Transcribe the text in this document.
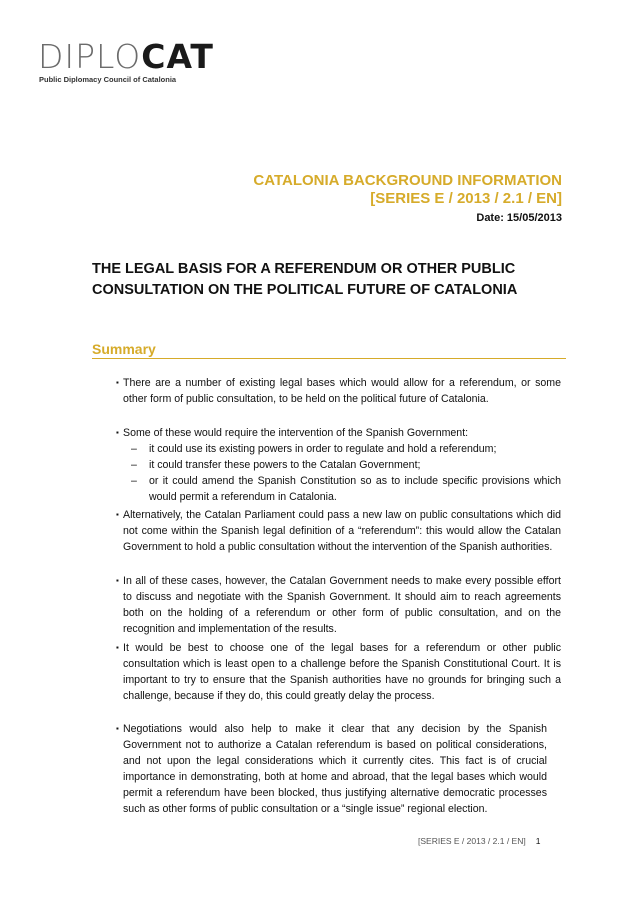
DIPLOCAT
Public Diplomacy Council of Catalonia
CATALONIA BACKGROUND INFORMATION
[SERIES E / 2013 / 2.1 / EN]
Date: 15/05/2013
THE LEGAL BASIS FOR A REFERENDUM OR OTHER PUBLIC CONSULTATION ON THE POLITICAL FUTURE OF CATALONIA
Summary
▪ There are a number of existing legal bases which would allow for a referendum, or some other form of public consultation, to be held on the political future of Catalonia.
▪ Some of these would require the intervention of the Spanish Government:
– it could use its existing powers in order to regulate and hold a referendum;
– it could transfer these powers to the Catalan Government;
– or it could amend the Spanish Constitution so as to include specific provisions which would permit a referendum in Catalonia.
▪ Alternatively, the Catalan Parliament could pass a new law on public consultations which did not come within the Spanish legal definition of a “referendum”: this would allow the Catalan Government to hold a public consultation without the intervention of the Spanish authorities.
▪ In all of these cases, however, the Catalan Government needs to make every possible effort to discuss and negotiate with the Spanish Government. It should aim to reach agreements both on the holding of a referendum or other form of public consultation, and on the recognition and implementation of the results.
▪ It would be best to choose one of the legal bases for a referendum or other public consultation which is least open to a challenge before the Spanish Constitutional Court. It is important to try to ensure that the Spanish authorities have no grounds for bringing such a challenge, because if they do, this could greatly delay the process.
▪ Negotiations would also help to make it clear that any decision by the Spanish Government not to authorize a Catalan referendum is based on political considerations, and not upon the legal considerations which it currently cites. This fact is of crucial importance in demonstrating, both at home and abroad, that the legal bases which would permit a referendum have been blocked, thus justifying alternative democratic processes such as other forms of public consultation or a “single issue” regional election.
[SERIES E / 2013 / 2.1 / EN] 1
